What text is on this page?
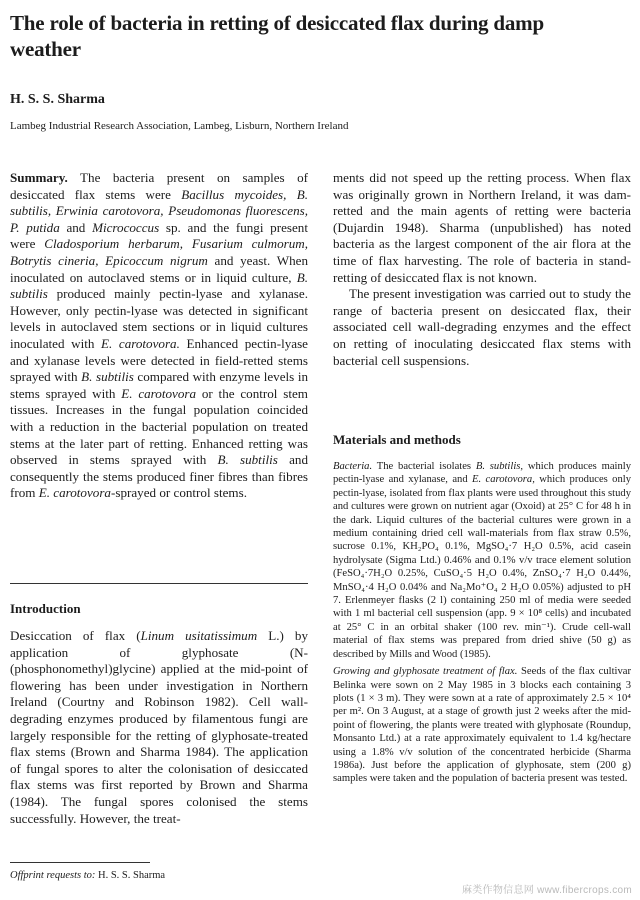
The role of bacteria in retting of desiccated flax during damp weather
H. S. S. Sharma
Lambeg Industrial Research Association, Lambeg, Lisburn, Northern Ireland

Summary. The bacteria present on samples of desiccated flax stems were Bacillus mycoides, B. subtilis, Erwinia carotovora, Pseudomonas fluorescens, P. putida and Micrococcus sp. and the fungi present were Cladosporium herbarum, Fusarium culmorum, Botrytis cineria, Epicoccum nigrum and yeast. When inoculated on autoclaved stems or in liquid culture, B. subtilis produced mainly pectin-lyase and xylanase. However, only pectin-lyase was detected in significant levels in autoclaved stem sections or in liquid cultures inoculated with E. carotovora. Enhanced pectin-lyase and xylanase levels were detected in field-retted stems sprayed with B. subtilis compared with enzyme levels in stems sprayed with E. carotovora or the control stem tissues. Increases in the fungal population coincided with a reduction in the bacterial population on treated stems at the later part of retting. Enhanced retting was observed in stems sprayed with B. subtilis and consequently the stems produced finer fibres than fibres from E. carotovora-sprayed or control stems.

Introduction

Desiccation of flax (Linum usitatissimum L.) by application of glyphosate (N-(phosphonomethyl)glycine) applied at the mid-point of flowering has been under investigation in Northern Ireland (Courtny and Robinson 1982). Cell wall-degrading enzymes produced by filamentous fungi are largely responsible for the retting of glyphosate-treated flax stems (Brown and Sharma 1984). The application of fungal spores to alter the colonisation of desiccated flax stems was first reported by Brown and Sharma (1984). The fungal spores colonised the stems successfully. However, the treat-

ments did not speed up the retting process. When flax was originally grown in Northern Ireland, it was dam-retted and the main agents of retting were bacteria (Dujardin 1948). Sharma (unpublished) has noted bacteria as the largest component of the air flora at the time of flax harvesting. The role of bacteria in stand-retting of desiccated flax is not known.

The present investigation was carried out to study the range of bacteria present on desiccated flax, their associated cell wall-degrading enzymes and the effect on retting of inoculating desiccated flax stems with bacterial cell suspensions.

Materials and methods

Bacteria. The bacterial isolates B. subtilis, which produces mainly pectin-lyase and xylanase, and E. carotovora, which produces only pectin-lyase, isolated from flax plants were used throughout this study and cultures were grown on nutrient agar (Oxoid) at 25° C for 48 h in the dark. Liquid cultures of the bacterial cultures were grown in a medium containing dried cell wall-materials from flax straw 0.5%, sucrose 0.1%, KH₂PO₄ 0.1%, MgSO₄·7 H₂O 0.5%, acid casein hydrolysate (Sigma Ltd.) 0.46% and 0.1% v/v trace element solution (FeSO₄·7H₂O 0.25%, CuSO₄·5 H₂O 0.4%, ZnSO₄·7 H₂O 0.44%, MnSO₄·4 H₂O 0.04% and Na₂Mo⁺O₄ 2 H₂O 0.05%) adjusted to pH 7. Erlenmeyer flasks (2 l) containing 250 ml of media were seeded with 1 ml bacterial cell suspension (app. 9 × 10⁸ cells) and incubated at 25° C in an orbital shaker (100 rev. min⁻¹). Crude cell-wall material of flax stems was prepared from dried shive (50 g) as described by Mills and Wood (1985).

Growing and glyphosate treatment of flax. Seeds of the flax cultivar Belinka were sown on 2 May 1985 in 3 blocks each containing 3 plots (1 × 3 m). They were sown at a rate of approximately 2.5 × 10⁴ per m². On 3 August, at a stage of growth just 2 weeks after the mid-point of flowering, the plants were treated with glyphosate (Roundup, Monsanto Ltd.) at a rate approximately equivalent to 1.4 kg/hectare using a 1.8% v/v solution of the concentrated herbicide (Sharma 1986a). Just before the application of glyphosate, stem (200 g) samples were taken and the population of bacteria present was tested.

Offprint requests to: H. S. S. Sharma
麻类作物信息网 www.fibercrops.com
